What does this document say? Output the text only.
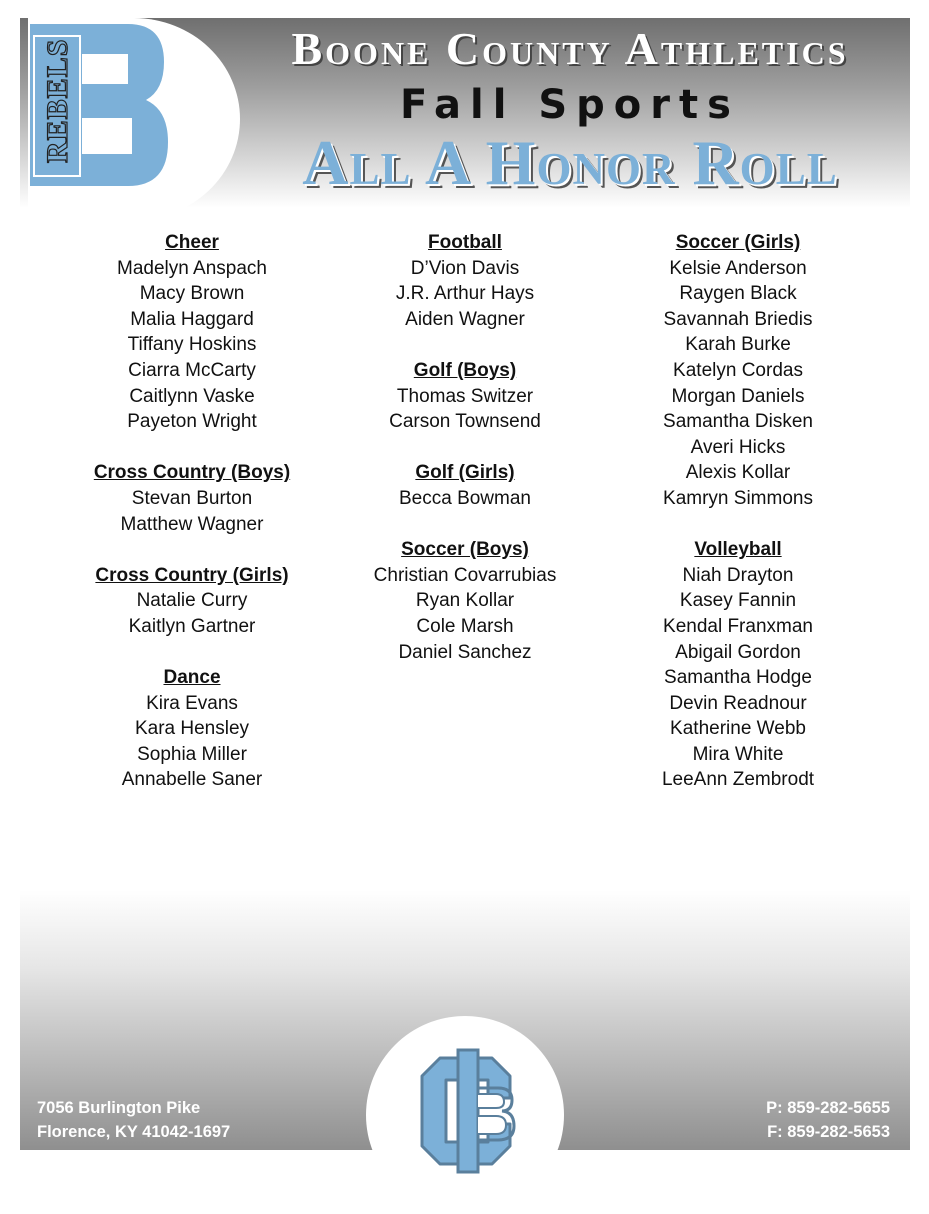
REBELS	Boone County Athletics
Fall Sports
All A Honor Roll
Cheer
Madelyn Anspach
Macy Brown
Malia Haggard
Tiffany Hoskins
Ciarra McCarty
Caitlynn Vaske
Payeton Wright
Cross Country (Boys)
Stevan Burton
Matthew Wagner
Cross Country (Girls)
Natalie Curry
Kaitlyn Gartner
Dance
Kira Evans
Kara Hensley
Sophia Miller
Annabelle Saner
Football
D’Vion Davis
J.R. Arthur Hays
Aiden Wagner
Golf (Boys)
Thomas Switzer
Carson Townsend
Golf (Girls)
Becca Bowman
Soccer (Boys)
Christian Covarrubias
Ryan Kollar
Cole Marsh
Daniel Sanchez
Soccer (Girls)
Kelsie Anderson
Raygen Black
Savannah Briedis
Karah Burke
Katelyn Cordas
Morgan Daniels
Samantha Disken
Averi Hicks
Alexis Kollar
Kamryn Simmons
Volleyball
Niah Drayton
Kasey Fannin
Kendal Franxman
Abigail Gordon
Samantha Hodge
Devin Readnour
Katherine Webb
Mira White
LeeAnn Zembrodt
7056 Burlington Pike
Florence, KY 41042-1697
P: 859-282-5655
F: 859-282-5653
